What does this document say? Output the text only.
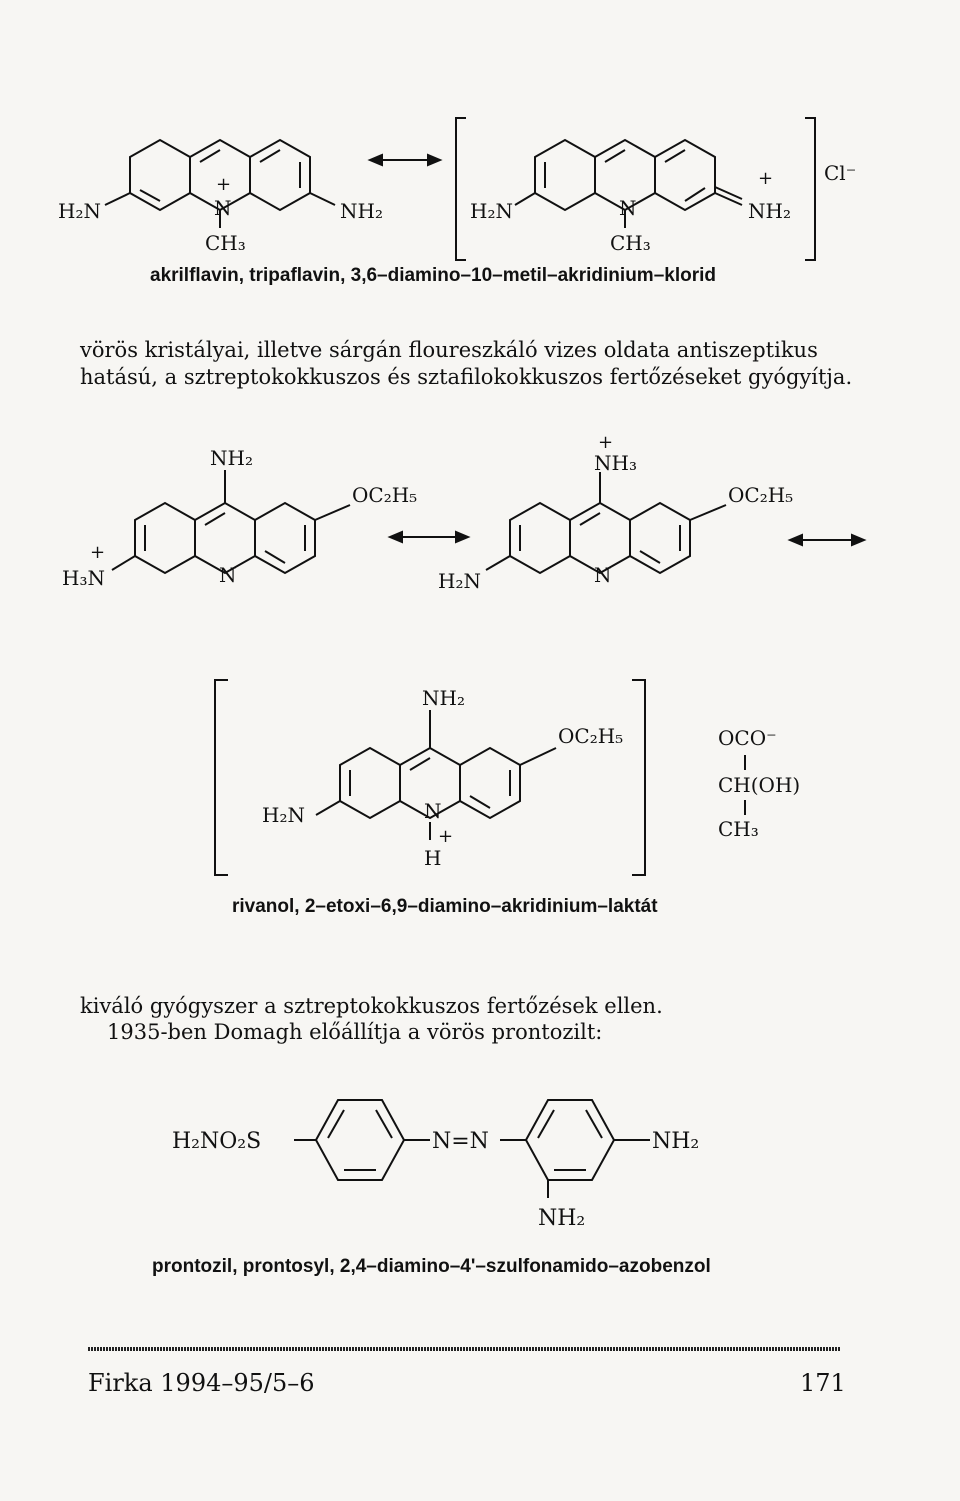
H₂N
+
N	NH₂
CH₃
H₂N	N
+
NH₂
CH₃
Cl⁻
akrilflavin, tripaflavin, 3,6–diamino–10–metil–akridinium–klorid
vörös kristályai, illetve sárgán floureszkáló vizes oldata antiszeptikus
hatású, a sztreptokokkuszos és sztafilokokkuszos fertőzéseket gyógyítja.
NH₂
OC₂H₅
+
H₃N	N
+
NH₃
OC₂H₅
H₂N	N
NH₂
OC₂H₅
H₂N	N
+
H
OCO⁻
CH(OH)
CH₃
rivanol, 2–etoxi–6,9–diamino–akridinium–laktát
kiváló gyógyszer a sztreptokokkuszos fertőzések ellen.
1935-ben Domagh előállítja a vörös prontozilt:
H₂NO₂S	N=N	NH₂
NH₂
prontozil, prontosyl, 2,4–diamino–4'–szulfonamido–azobenzol
Firka 1994–95/5–6	171
